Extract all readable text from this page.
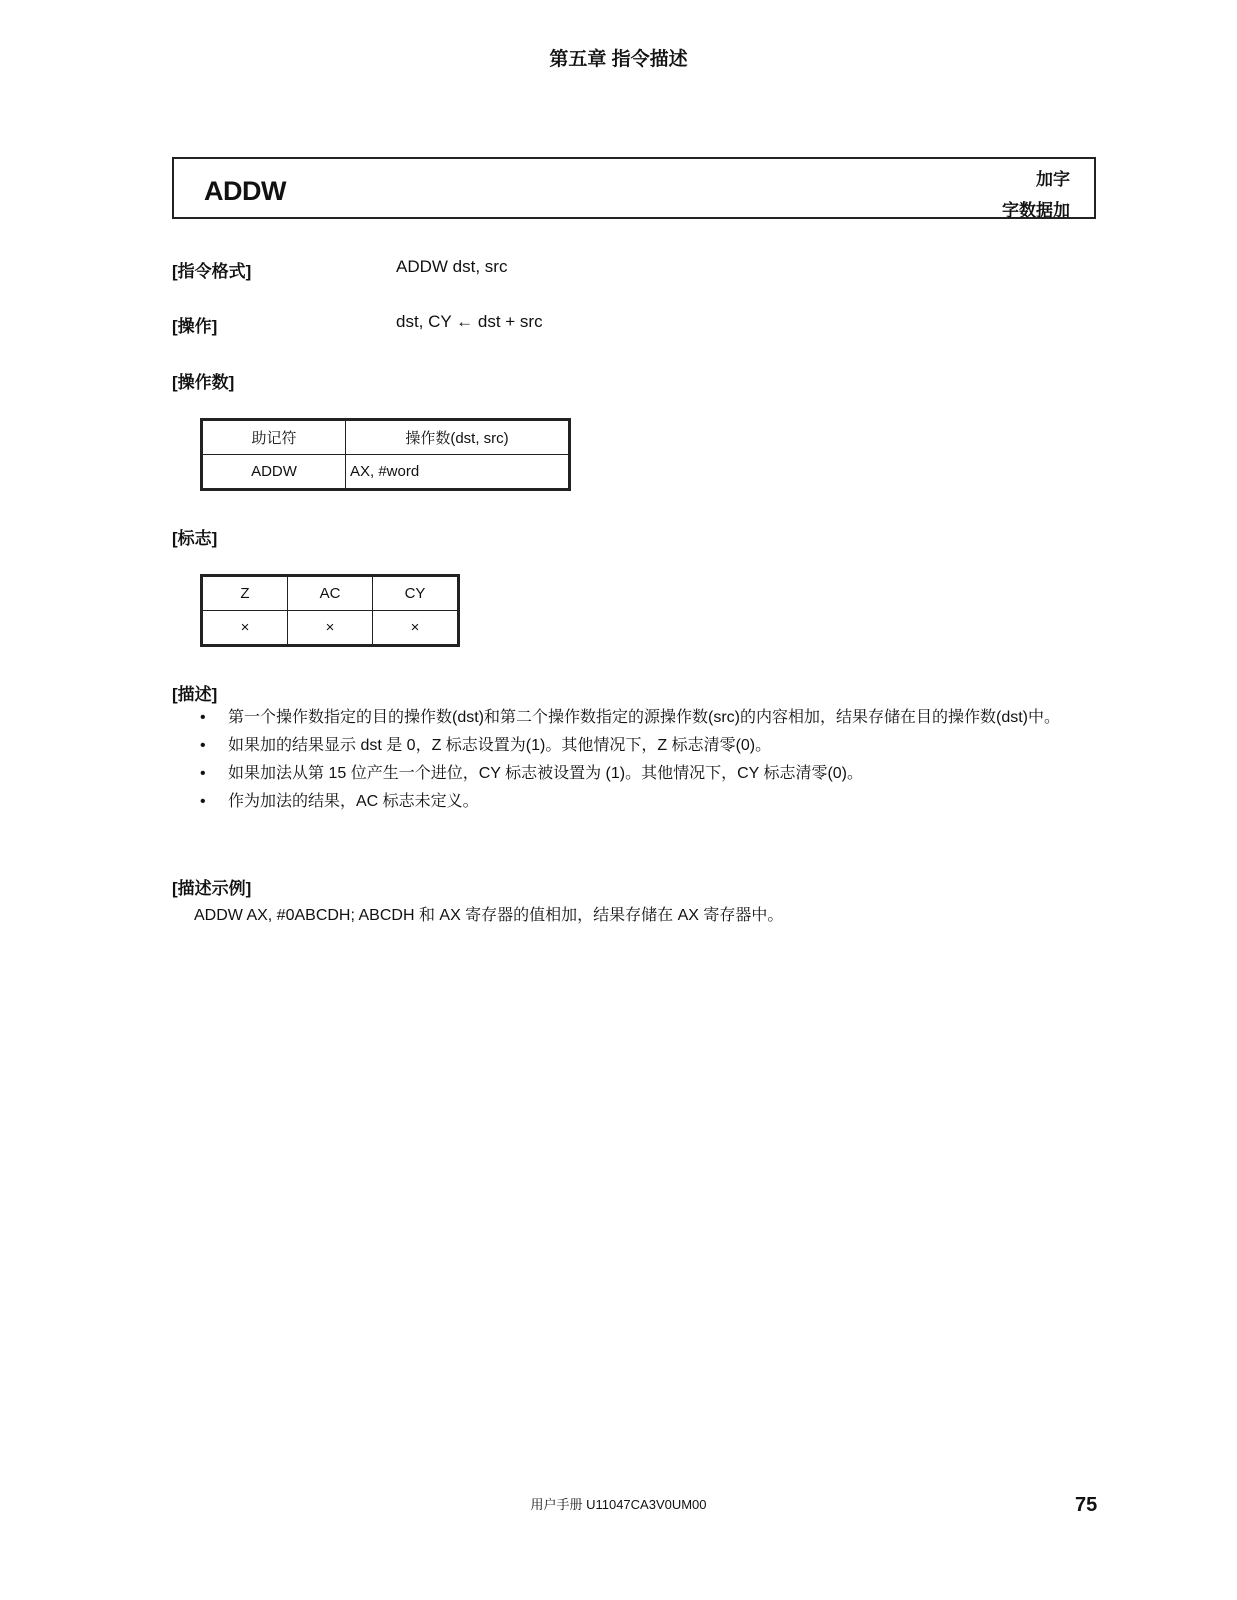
第五章 指令描述
ADDW	加字
字数据加
[指令格式]	ADDW dst, src
[操作]	dst, CY ← dst + src
[操作数]
助记符	操作数(dst, src)
ADDW	AX, #word
[标志]
Z	AC	CY
×	×	×
[描述]
• 第一个操作数指定的目的操作数(dst)和第二个操作数指定的源操作数(src)的内容相加，结果存储在目的操作数(dst)中。
• 如果加的结果显示 dst 是 0，Z 标志设置为(1)。其他情况下，Z 标志清零(0)。
• 如果加法从第 15 位产生一个进位，CY 标志被设置为 (1)。其他情况下，CY 标志清零(0)。
• 作为加法的结果，AC 标志未定义。
[描述示例]
ADDW AX, #0ABCDH; ABCDH 和 AX 寄存器的值相加，结果存储在 AX 寄存器中。
用户手册 U11047CA3V0UM00	75
